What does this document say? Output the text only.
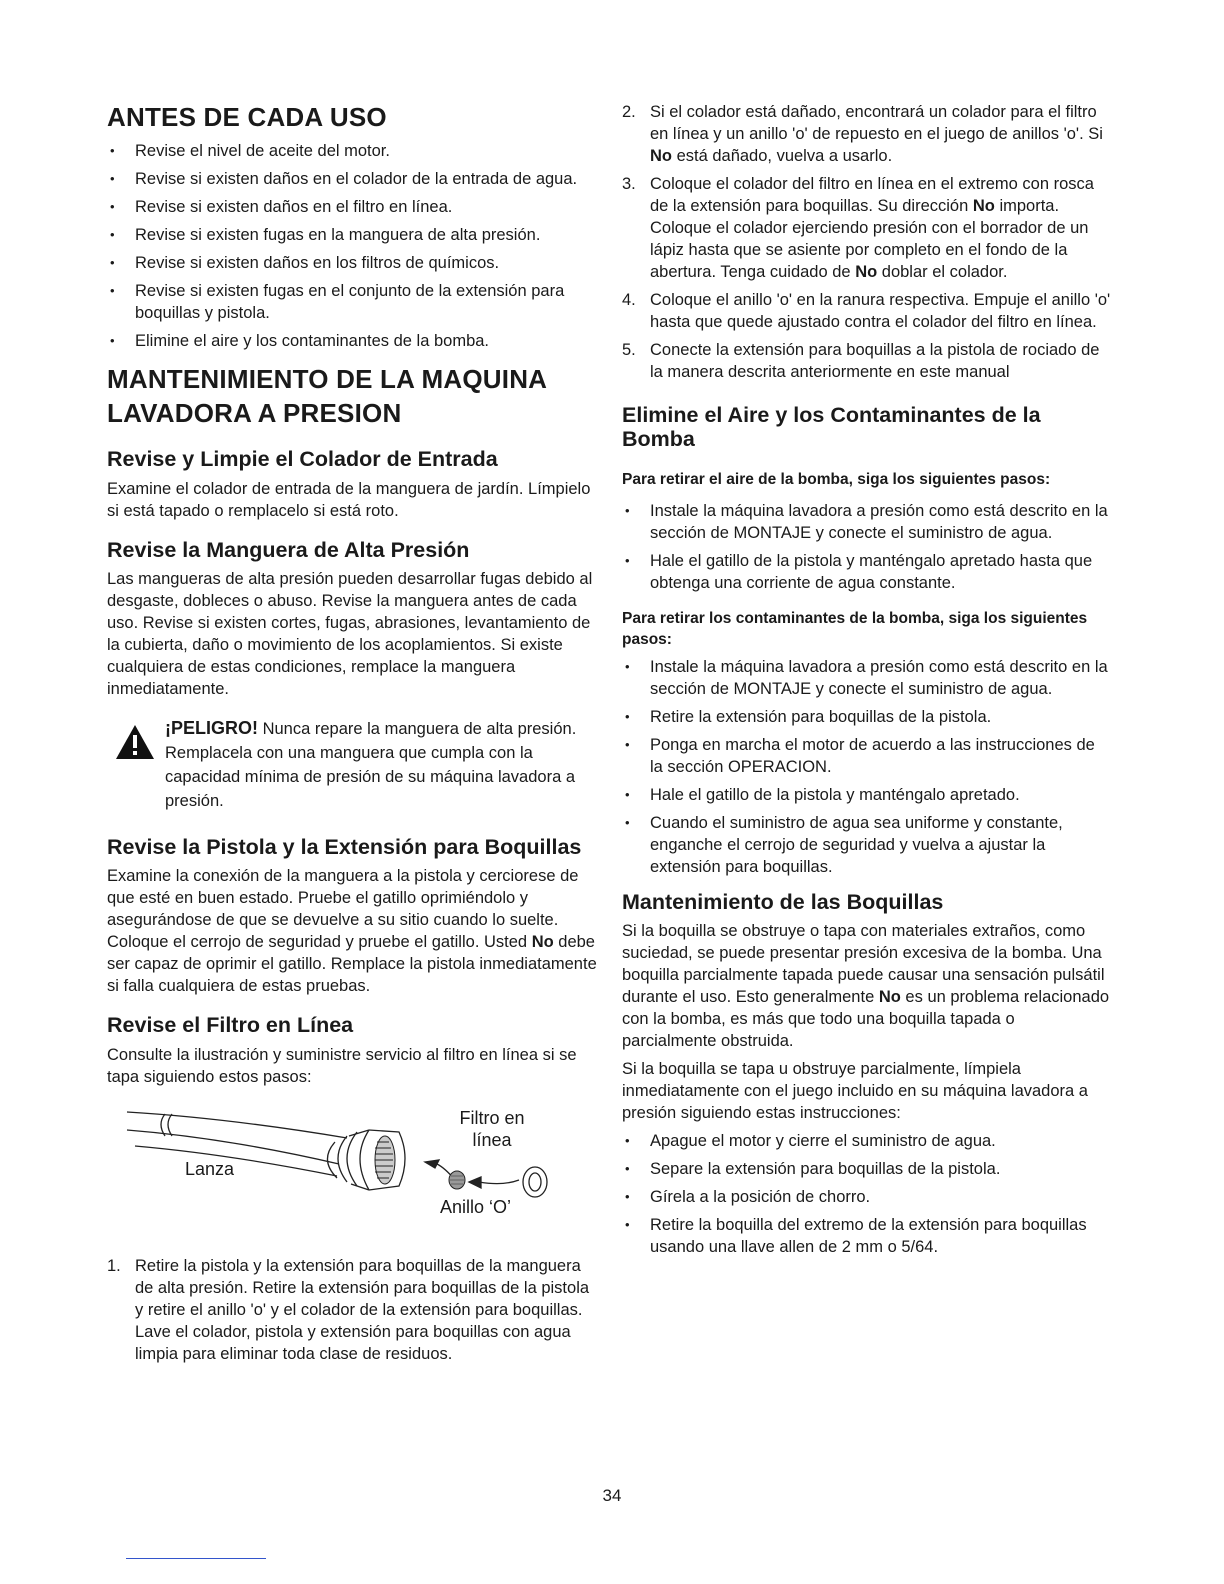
ANTES DE CADA USO
• Revise el nivel de aceite del motor.
• Revise si existen daños en el colador de la entrada de agua.
• Revise si existen daños en el filtro en línea.
• Revise si existen fugas en la manguera de alta presión.
• Revise si existen daños en los filtros de químicos.
• Revise si existen fugas en el conjunto de la extensión para boquillas y pistola.
• Elimine el aire y los contaminantes de la bomba.
MANTENIMIENTO DE LA MAQUINA LAVADORA A PRESION
Revise y Limpie el Colador de Entrada

Examine el colador de entrada de la manguera de jardín. Límpielo si está tapado o remplacelo si está roto.

Revise la Manguera de Alta Presión

Las mangueras de alta presión pueden desarrollar fugas debido al desgaste, dobleces o abuso. Revise la manguera antes de cada uso. Revise si existen cortes, fugas, abrasiones, levantamiento de la cubierta, daño o movimiento de los acoplamientos. Si existe cualquiera de estas condiciones, remplace la manguera inmediatamente.

¡PELIGRO! Nunca repare la manguera de alta presión. Remplacela con una manguera que cumpla con la capacidad mínima de presión de su máquina lavadora a presión.

Revise la Pistola y la Extensión para Boquillas

Examine la conexión de la manguera a la pistola y cerciorese de que esté en buen estado. Pruebe el gatillo oprimiéndolo y asegurándose de que se devuelve a su sitio cuando lo suelte. Coloque el cerrojo de seguridad y pruebe el gatillo. Usted No debe ser capaz de oprimir el gatillo. Remplace la pistola inmediatamente si falla cualquiera de estas pruebas.

Revise el Filtro en Línea

Consulte la ilustración y suministre servicio al filtro en línea si se tapa siguiendo estos pasos:

Filtro en línea
Lanza
Anillo ‘O’
1. Retire la pistola y la extensión para boquillas de la manguera de alta presión. Retire la extensión para boquillas de la pistola y retire el anillo 'o' y el colador de la extensión para boquillas. Lave el colador, pistola y extensión para boquillas con agua limpia para eliminar toda clase de residuos.
2. Si el colador está dañado, encontrará un colador para el filtro en línea y un anillo 'o' de repuesto en el juego de anillos 'o'. Si No está dañado, vuelva a usarlo.
3. Coloque el colador del filtro en línea en el extremo con rosca de la extensión para boquillas. Su dirección No importa. Coloque el colador ejerciendo presión con el borrador de un lápiz hasta que se asiente por completo en el fondo de la abertura. Tenga cuidado de No doblar el colador.
4. Coloque el anillo 'o' en la ranura respectiva. Empuje el anillo 'o' hasta que quede ajustado contra el colador del filtro en línea.
5. Conecte la extensión para boquillas a la pistola de rociado de la manera descrita anteriormente en este manual
Elimine el Aire y los Contaminantes de la Bomba
Para retirar el aire de la bomba, siga los siguientes pasos:
• Instale la máquina lavadora a presión como está descrito en la sección de MONTAJE y conecte el suministro de agua.
• Hale el gatillo de la pistola y manténgalo apretado hasta que obtenga una corriente de agua constante.
Para retirar los contaminantes de la bomba, siga los siguientes pasos:
• Instale la máquina lavadora a presión como está descrito en la sección de MONTAJE y conecte el suministro de agua.
• Retire la extensión para boquillas de la pistola.
• Ponga en marcha el motor de acuerdo a las instrucciones de la sección OPERACION.
• Hale el gatillo de la pistola y manténgalo apretado.
• Cuando el suministro de agua sea uniforme y constante, enganche el cerrojo de seguridad y vuelva a ajustar la extensión para boquillas.
Mantenimiento de las Boquillas

Si la boquilla se obstruye o tapa con materiales extraños, como suciedad, se puede presentar presión excesiva de la bomba. Una boquilla parcialmente tapada puede causar una sensación pulsátil durante el uso. Esto generalmente No es un problema relacionado con la bomba, es más que todo una boquilla tapada o parcialmente obstruida.

Si la boquilla se tapa u obstruye parcialmente, límpiela inmediatamente con el juego incluido en su máquina lavadora a presión siguiendo estas instrucciones:

• Apague el motor y cierre el suministro de agua.
• Separe la extensión para boquillas de la pistola.
• Gírela a la posición de chorro.
• Retire la boquilla del extremo de la extensión para boquillas usando una llave allen de 2 mm o 5/64.
34
